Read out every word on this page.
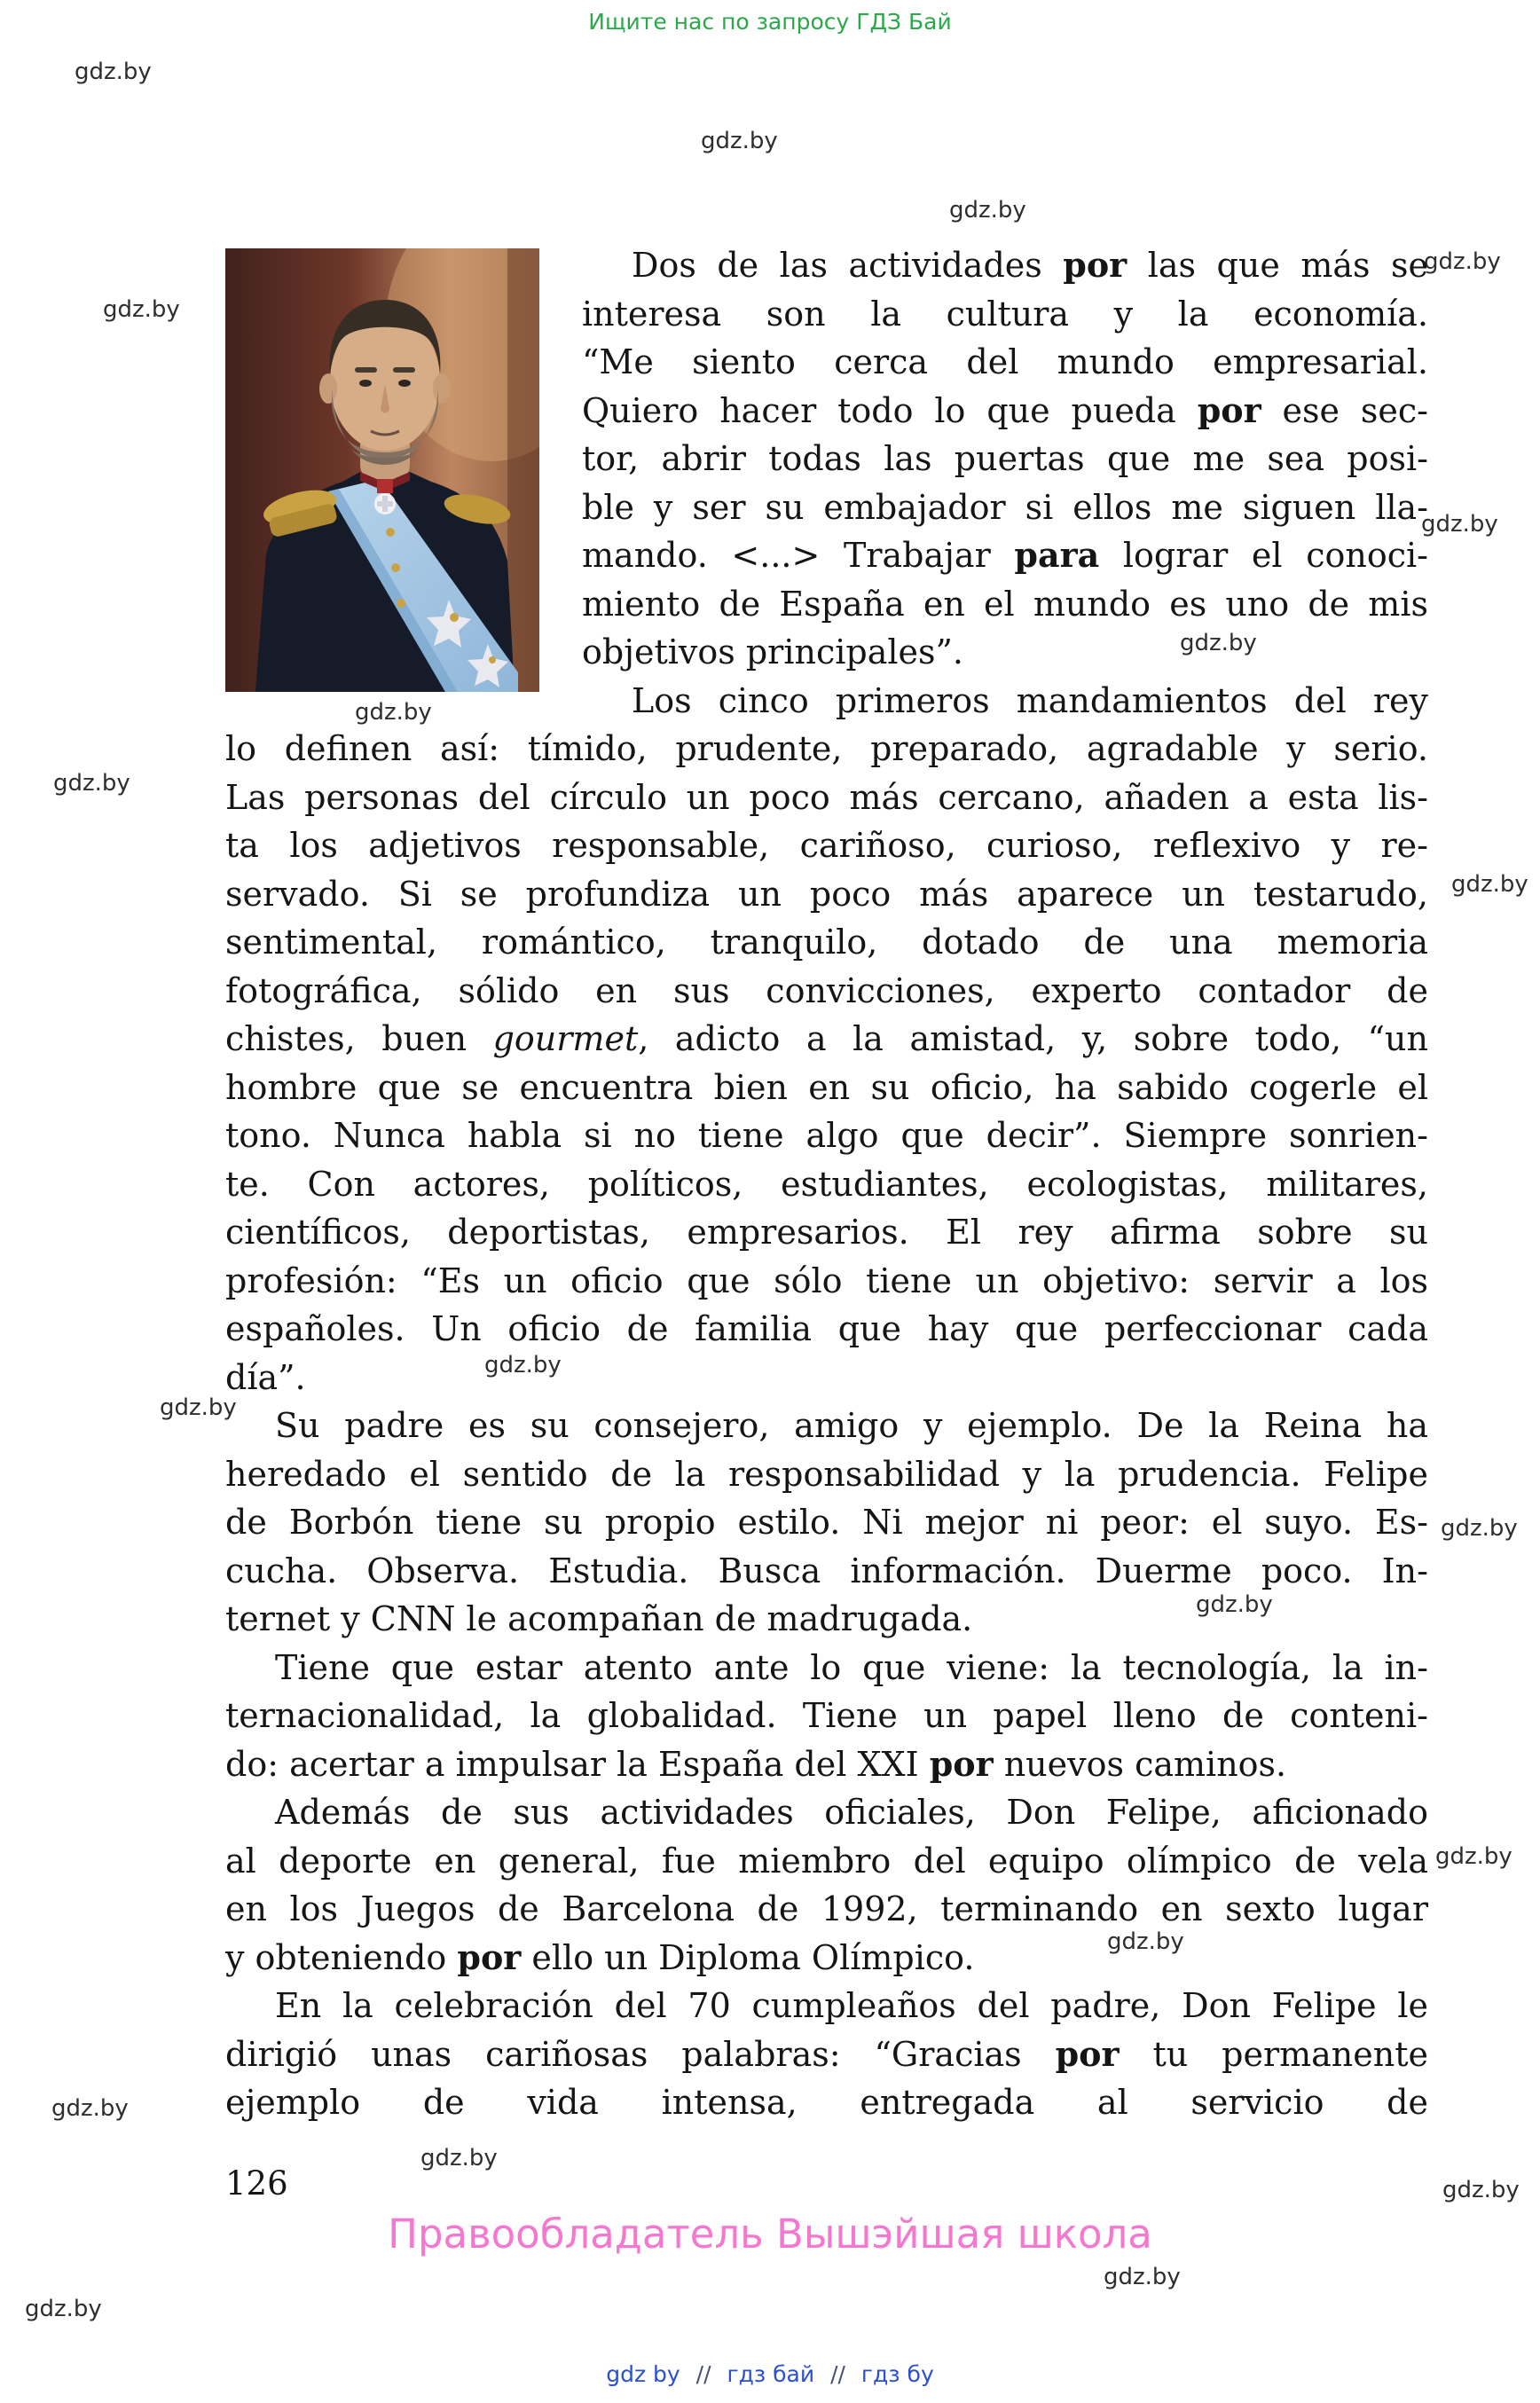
Ищите нас по запросу ГДЗ Бай
gdz.by
gdz.by
gdz.by
gdz.by
gdz.by
gdz.by
gdz.by
gdz.by
gdz.by
gdz.by
gdz.by
gdz.by
gdz.by
gdz.by
gdz.by
gdz.by
gdz.by
gdz.by
gdz.by
gdz.by
gdz.by
Dos de las actividades por las que más se
interesa son la cultura y la economía.
“Me siento cerca del mundo empresarial.
Quiero hacer todo lo que pueda por ese sec-
tor, abrir todas las puertas que me sea posi-
ble y ser su embajador si ellos me siguen lla-
mando. <...> Trabajar para lograr el conoci-
miento de España en el mundo es uno de mis
objetivos principales”.
Los cinco primeros mandamientos del rey
lo definen así: tímido, prudente, preparado, agradable y serio.
Las personas del círculo un poco más cercano, añaden a esta lis-
ta los adjetivos responsable, cariñoso, curioso, reflexivo y re-
servado. Si se profundiza un poco más aparece un testarudo,
sentimental, romántico, tranquilo, dotado de una memoria
fotográfica, sólido en sus convicciones, experto contador de
chistes, buen gourmet, adicto a la amistad, y, sobre todo, “un
hombre que se encuentra bien en su oficio, ha sabido cogerle el
tono. Nunca habla si no tiene algo que decir”. Siempre sonrien-
te. Con actores, políticos, estudiantes, ecologistas, militares,
científicos, deportistas, empresarios. El rey afirma sobre su
profesión: “Es un oficio que sólo tiene un objetivo: servir a los
españoles. Un oficio de familia que hay que perfeccionar cada
día”.
Su padre es su consejero, amigo y ejemplo. De la Reina ha
heredado el sentido de la responsabilidad y la prudencia. Felipe
de Borbón tiene su propio estilo. Ni mejor ni peor: el suyo. Es-
cucha. Observa. Estudia. Busca información. Duerme poco. In-
ternet y CNN le acompañan de madrugada.
Tiene que estar atento ante lo que viene: la tecnología, la in-
ternacionalidad, la globalidad. Tiene un papel lleno de conteni-
do: acertar a impulsar la España del XXI por nuevos caminos.
Además de sus actividades oficiales, Don Felipe, aficionado
al deporte en general, fue miembro del equipo olímpico de vela
en los Juegos de Barcelona de 1992, terminando en sexto lugar
y obteniendo por ello un Diploma Olímpico.
En la celebración del 70 cumpleaños del padre, Don Felipe le
dirigió unas cariñosas palabras: “Gracias por tu permanente
ejemplo de vida intensa, entregada al servicio de
126
Правообладатель Вышэйшая школа
gdz by // гдз бай // гдз бу
